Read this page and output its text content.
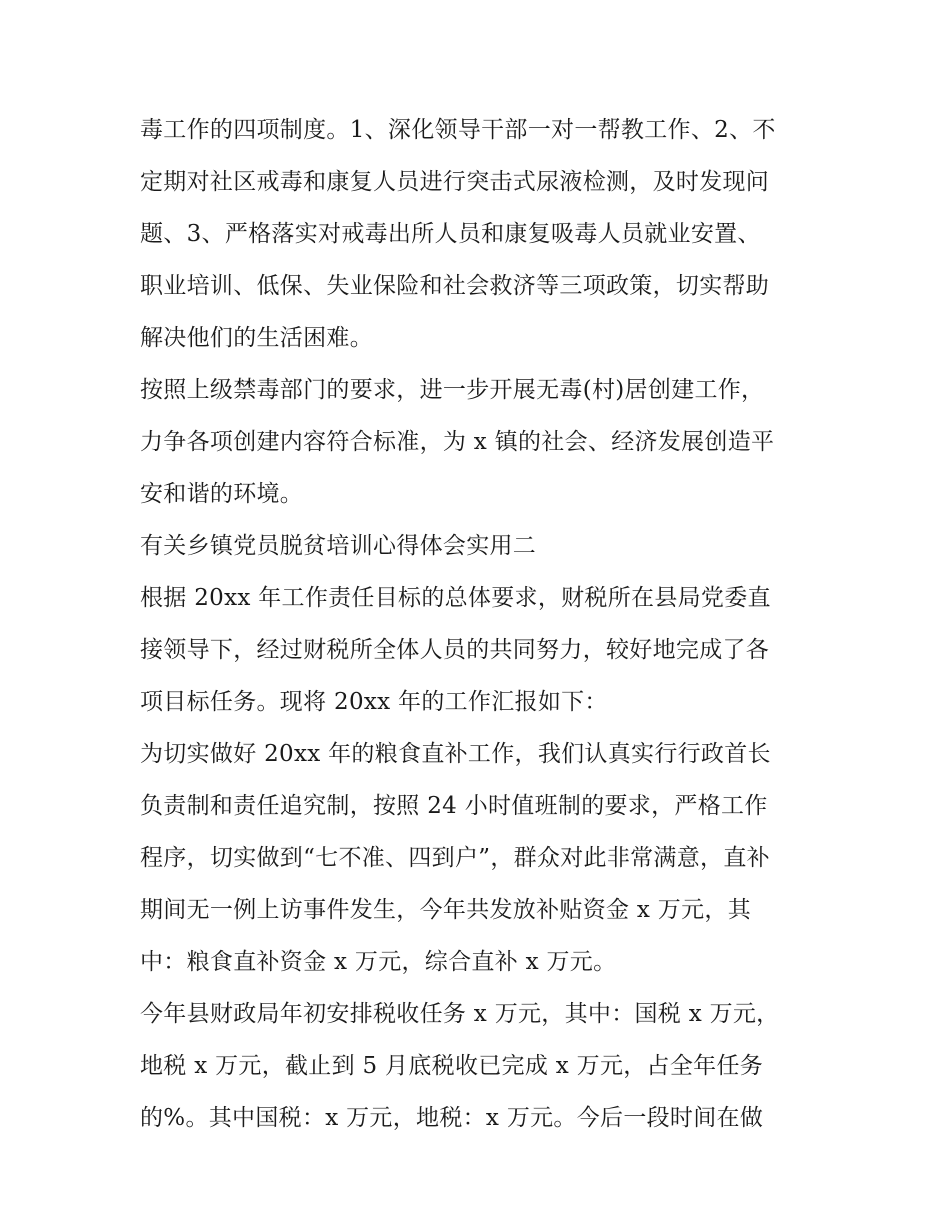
毒工作的四项制度。1、深化领导干部一对一帮教工作、2、不
定期对社区戒毒和康复人员进行突击式尿液检测，及时发现问
题、3、严格落实对戒毒出所人员和康复吸毒人员就业安置、
职业培训、低保、失业保险和社会救济等三项政策，切实帮助
解决他们的生活困难。
按照上级禁毒部门的要求，进一步开展无毒(村)居创建工作，
力争各项创建内容符合标准，为 x 镇的社会、经济发展创造平
安和谐的环境。
有关乡镇党员脱贫培训心得体会实用二
根据 20xx 年工作责任目标的总体要求，财税所在县局党委直
接领导下，经过财税所全体人员的共同努力，较好地完成了各
项目标任务。现将 20xx 年的工作汇报如下：
为切实做好 20xx 年的粮食直补工作，我们认真实行行政首长
负责制和责任追究制，按照 24 小时值班制的要求，严格工作
程序，切实做到“七不准、四到户”，群众对此非常满意，直补
期间无一例上访事件发生，今年共发放补贴资金 x 万元，其
中：粮食直补资金 x 万元，综合直补 x 万元。
今年县财政局年初安排税收任务 x 万元，其中：国税 x 万元，
地税 x 万元，截止到 5 月底税收已完成 x 万元，占全年任务
的%。其中国税：x 万元，地税：x 万元。今后一段时间在做
